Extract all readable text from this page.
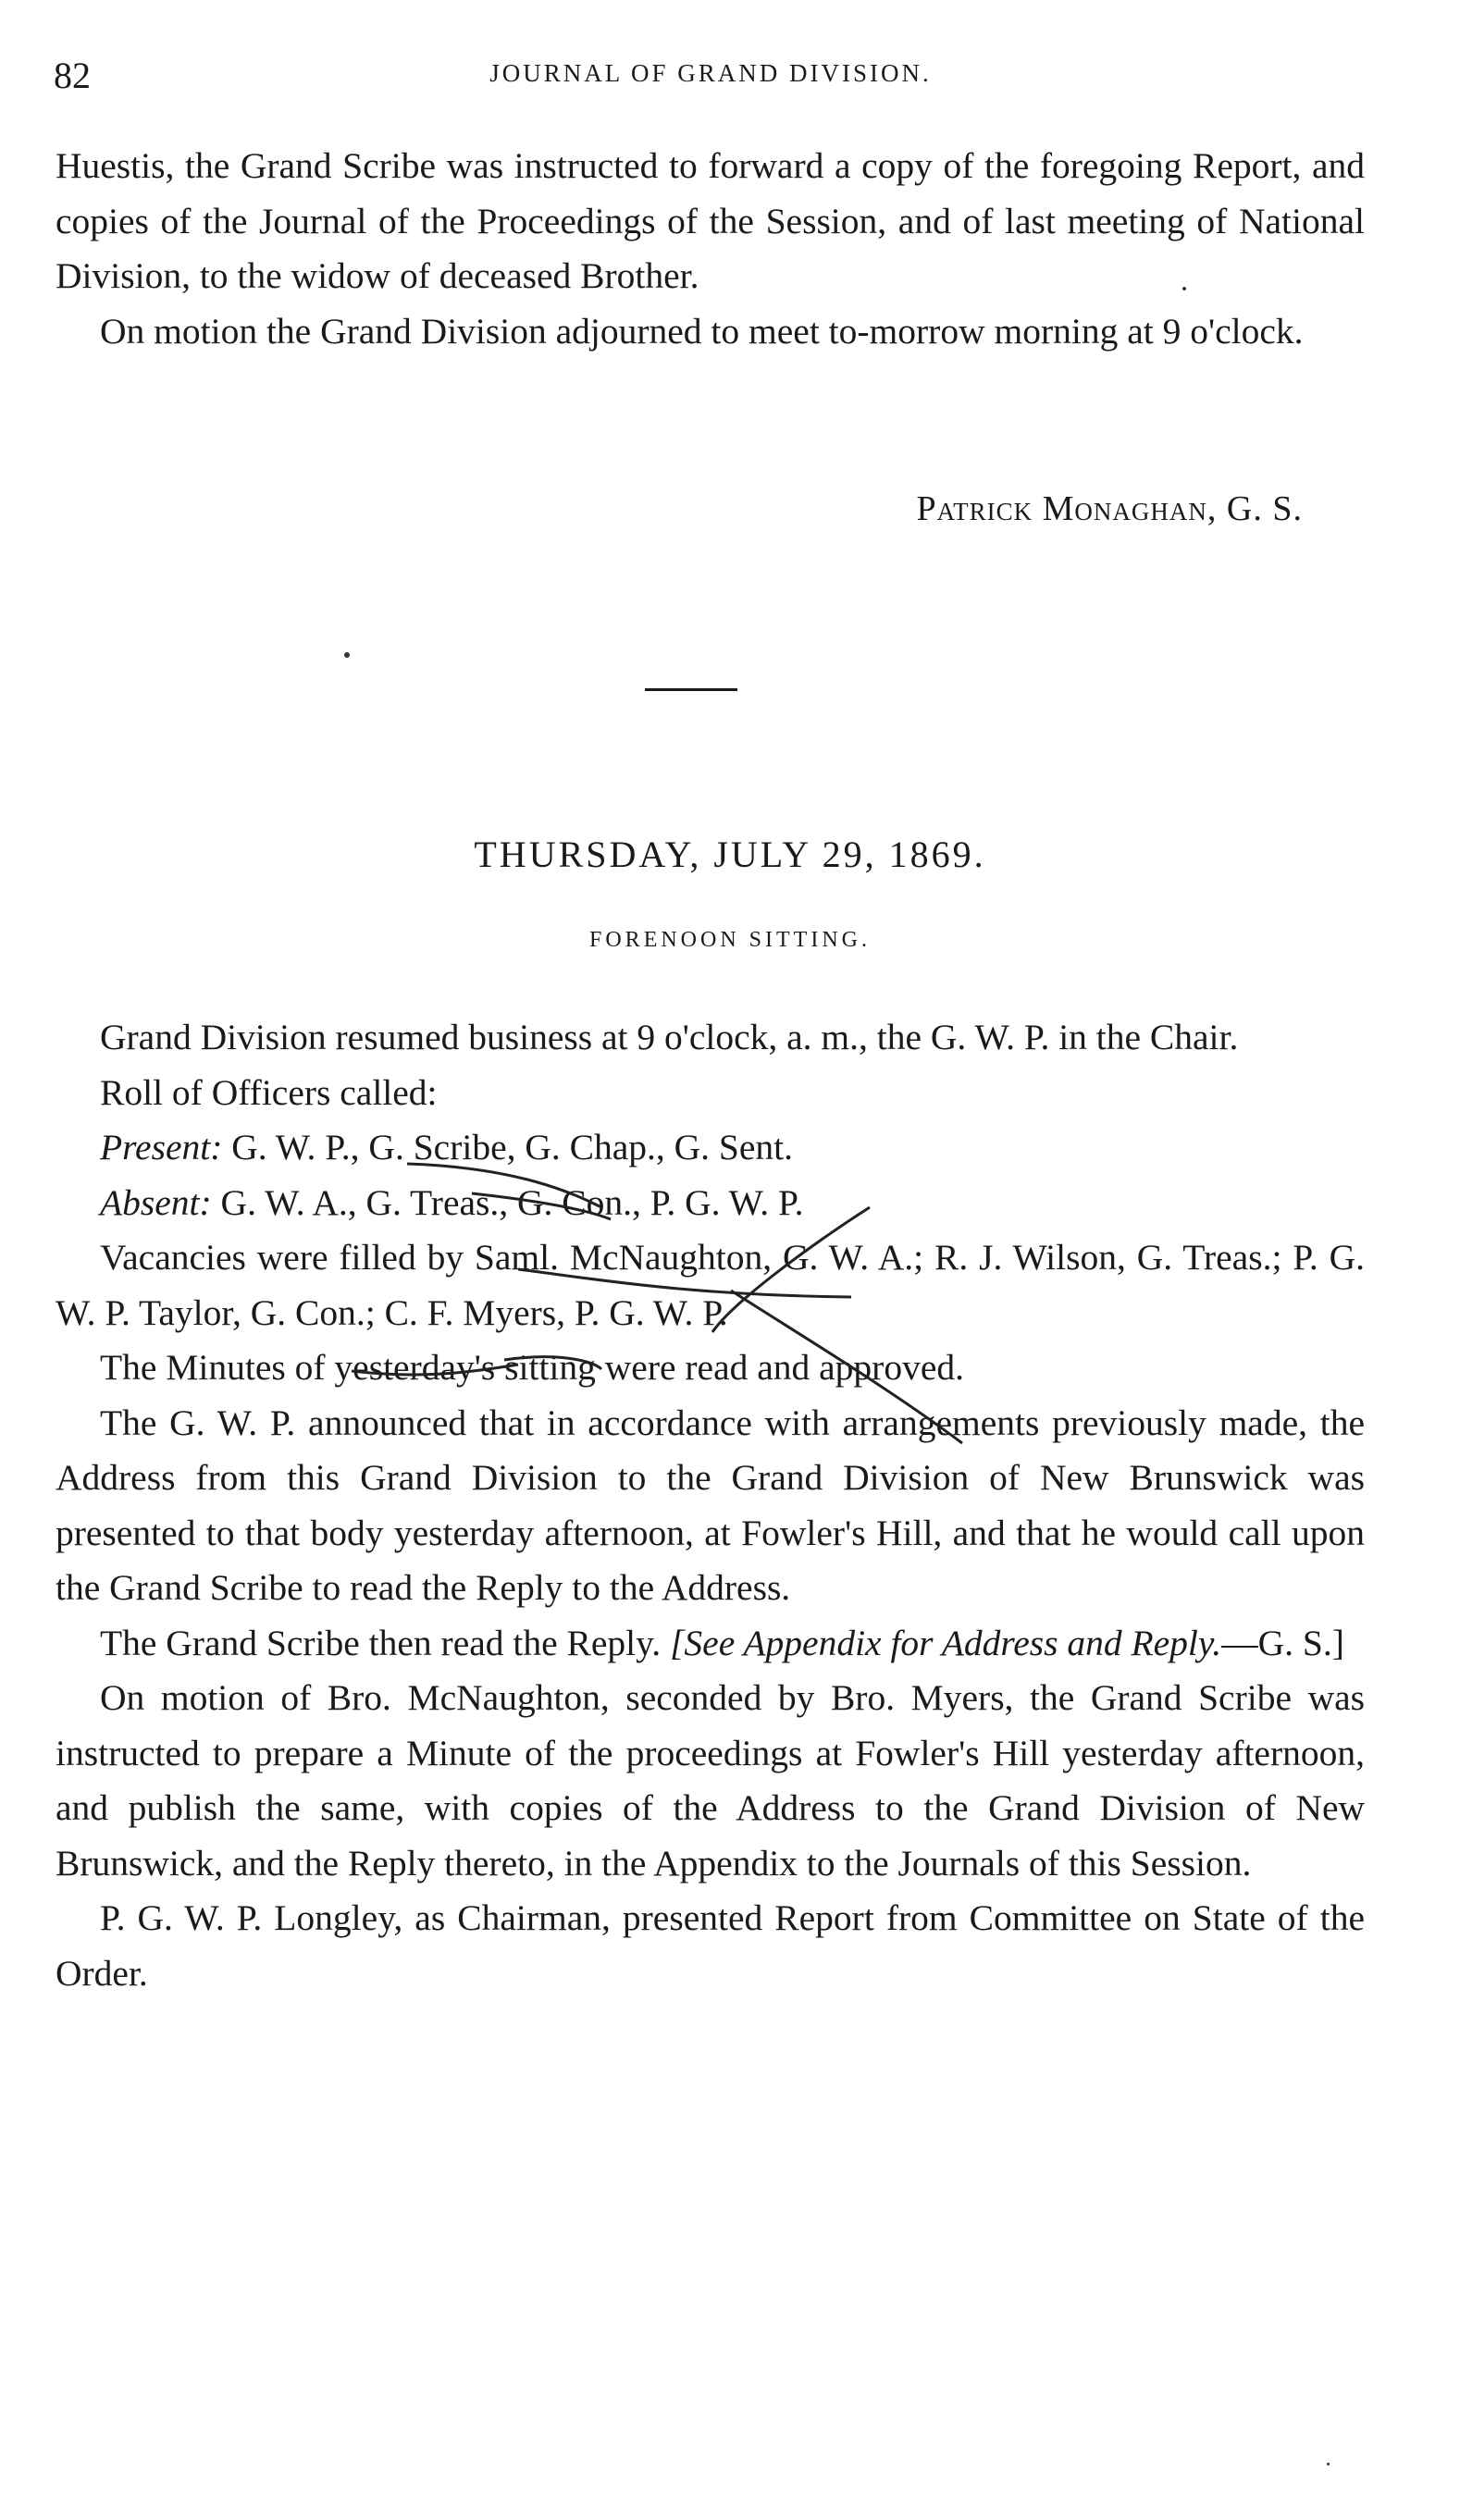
82	JOURNAL OF GRAND DIVISION.

Huestis, the Grand Scribe was instructed to forward a copy of the foregoing Report, and copies of the Journal of the Proceedings of the Session, and of last meeting of National Division, to the widow of deceased Brother.

On motion the Grand Division adjourned to meet to-morrow morning at 9 o'clock.

Patrick Monaghan, G. S.
THURSDAY, JULY 29, 1869.
FORENOON SITTING.

Grand Division resumed business at 9 o'clock, a. m., the G. W. P. in the Chair.

Roll of Officers called:

Present: G. W. P., G. Scribe, G. Chap., G. Sent.

Absent: G. W. A., G. Treas., G. Con., P. G. W. P.

Vacancies were filled by Saml. McNaughton, G. W. A.; R. J. Wilson, G. Treas.; P. G. W. P. Taylor, G. Con.; C. F. Myers, P. G. W. P.

The Minutes of yesterday's sitting were read and approved.

The G. W. P. announced that in accordance with arrangements previously made, the Address from this Grand Division to the Grand Division of New Brunswick was presented to that body yesterday afternoon, at Fowler's Hill, and that he would call upon the Grand Scribe to read the Reply to the Address.

The Grand Scribe then read the Reply. [See Appendix for Address and Reply.—G. S.]

On motion of Bro. McNaughton, seconded by Bro. Myers, the Grand Scribe was instructed to prepare a Minute of the proceedings at Fowler's Hill yesterday afternoon, and publish the same, with copies of the Address to the Grand Division of New Brunswick, and the Reply thereto, in the Appendix to the Journals of this Session.

P. G. W. P. Longley, as Chairman, presented Report from Committee on State of the Order.
